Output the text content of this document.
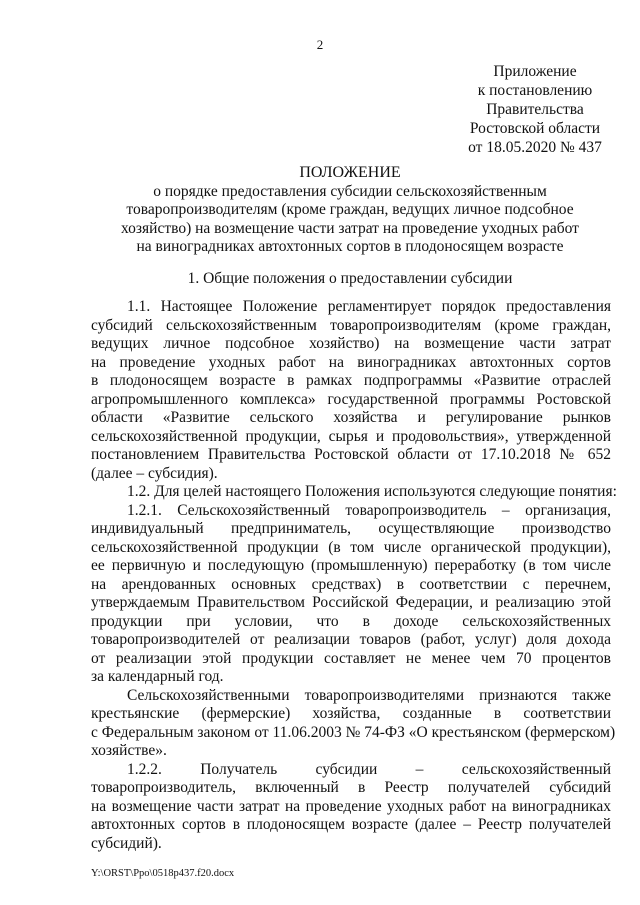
2
Приложение
к постановлению
Правительства
Ростовской области
от 18.05.2020 № 437
ПОЛОЖЕНИЕ
о порядке предоставления субсидии сельскохозяйственным
товаропроизводителям (кроме граждан, ведущих личное подсобное
хозяйство) на возмещение части затрат на проведение уходных работ
на виноградниках автохтонных сортов в плодоносящем возрасте
1. Общие положения о предоставлении субсидии
1.1. Настоящее Положение регламентирует порядок предоставления
субсидий сельскохозяйственным товаропроизводителям (кроме граждан,
ведущих личное подсобное хозяйство) на возмещение части затрат
на проведение уходных работ на виноградниках автохтонных сортов
в плодоносящем возрасте в рамках подпрограммы «Развитие отраслей
агропромышленного комплекса» государственной программы Ростовской
области «Развитие сельского хозяйства и регулирование рынков
сельскохозяйственной продукции, сырья и продовольствия», утвержденной
постановлением Правительства Ростовской области от 17.10.2018 № 652
(далее – субсидия).
1.2. Для целей настоящего Положения используются следующие понятия:
1.2.1. Сельскохозяйственный товаропроизводитель – организация,
индивидуальный предприниматель, осуществляющие производство
сельскохозяйственной продукции (в том числе органической продукции),
ее первичную и последующую (промышленную) переработку (в том числе
на арендованных основных средствах) в соответствии с перечнем,
утверждаемым Правительством Российской Федерации, и реализацию этой
продукции при условии, что в доходе сельскохозяйственных
товаропроизводителей от реализации товаров (работ, услуг) доля дохода
от реализации этой продукции составляет не менее чем 70 процентов
за календарный год.
Сельскохозяйственными товаропроизводителями признаются также
крестьянские (фермерские) хозяйства, созданные в соответствии
с Федеральным законом от 11.06.2003 № 74-ФЗ «О крестьянском (фермерском)
хозяйстве».
1.2.2. Получатель субсидии – сельскохозяйственный
товаропроизводитель, включенный в Реестр получателей субсидий
на возмещение части затрат на проведение уходных работ на виноградниках
автохтонных сортов в плодоносящем возрасте (далее – Реестр получателей
субсидий).
Y:\ORST\Ppo\0518p437.f20.docx
